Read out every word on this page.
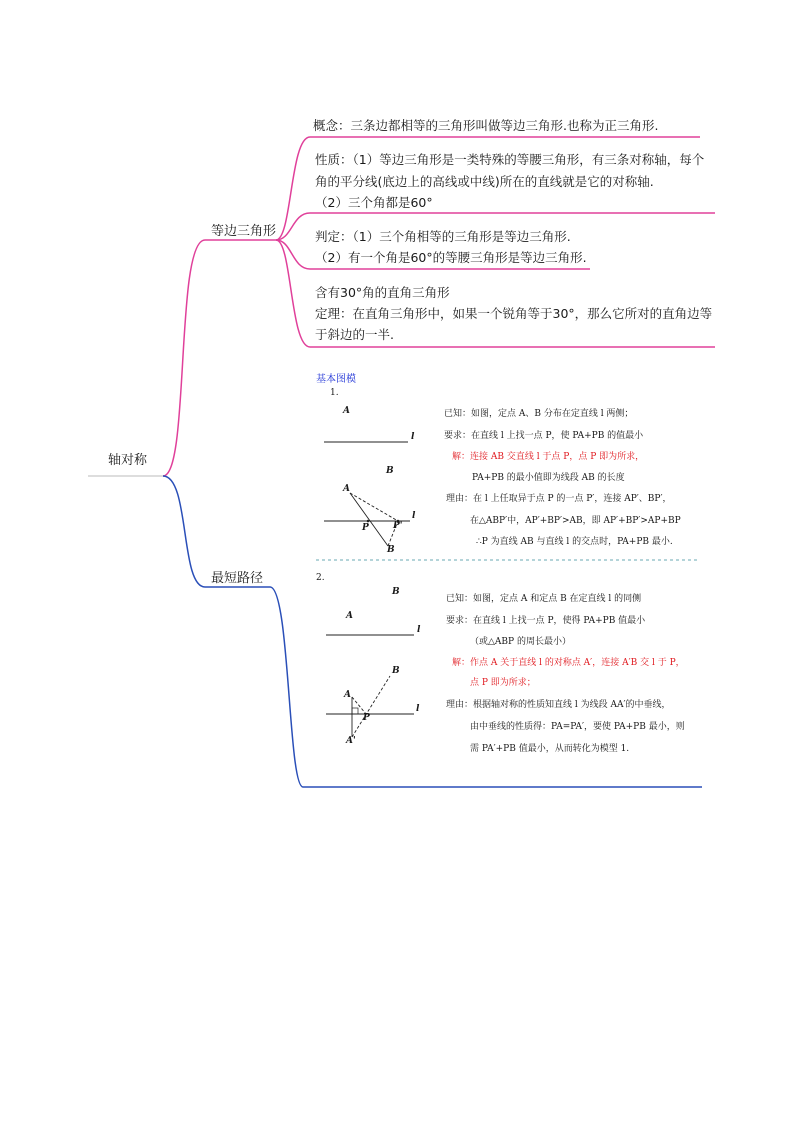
轴对称
等边三角形
最短路径
概念：三条边都相等的三角形叫做等边三角形.也称为正三角形.
性质：（1）等边三角形是一类特殊的等腰三角形，有三条对称轴，每个
角的平分线(底边上的高线或中线)所在的直线就是它的对称轴.
（2）三个角都是60°
判定：（1）三个角相等的三角形是等边三角形.
（2）有一个角是60°的等腰三角形是等边三角形.
含有30°角的直角三角形
定理：在直角三角形中，如果一个锐角等于30°，那么它所对的直角边等
于斜边的一半.
基本图模
1.
A
l
B
A
l
P	P'
B
已知：如图，定点 A、B 分布在定直线 l 两侧；
要求：在直线 l 上找一点 P，使 PA+PB 的值最小
解：连接 AB 交直线 l 于点 P，点 P 即为所求，
PA+PB 的最小值即为线段 AB 的长度
理由：在 l 上任取异于点 P 的一点 P′，连接 AP′、BP′，
在△ABP′中，AP′+BP′>AB，即 AP′+BP′>AP+BP
∴P 为直线 AB 与直线 l 的交点时，PA+PB 最小.
2.
B
A
l
B
A
P
l
A'
已知：如图，定点 A 和定点 B 在定直线 l 的同侧
要求：在直线 l 上找一点 P，使得 PA+PB 值最小
（或△ABP 的周长最小）
解：作点 A 关于直线 l 的对称点 A′，连接 A′B 交 l 于 P，
点 P 即为所求；
理由：根据轴对称的性质知直线 l 为线段 AA′的中垂线，
由中垂线的性质得：PA=PA′，要使 PA+PB 最小，则
需 PA′+PB 值最小，从而转化为模型 1.
